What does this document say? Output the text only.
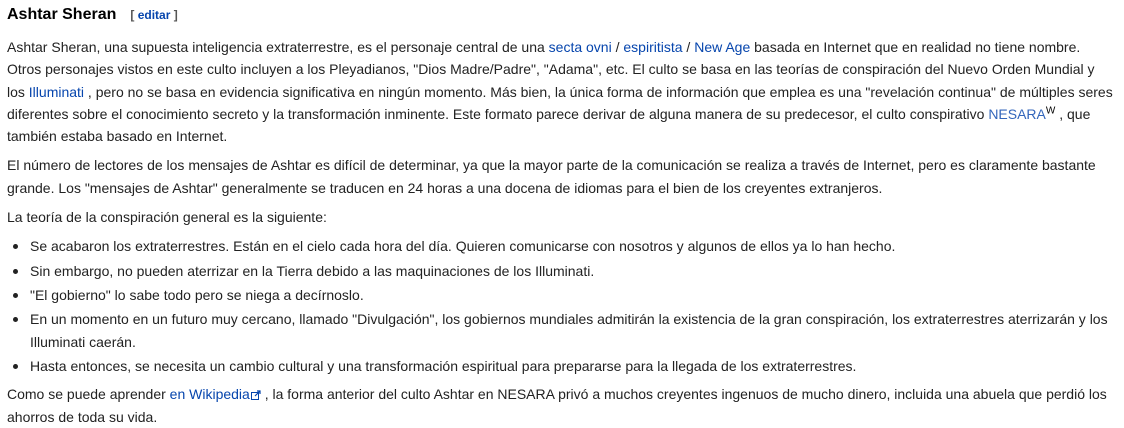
Ashtar Sheran [ editar ]

Ashtar Sheran, una supuesta inteligencia extraterrestre, es el personaje central de una secta ovni / espiritista / New Age basada en Internet que en realidad no tiene nombre. Otros personajes vistos en este culto incluyen a los Pleyadianos, "Dios Madre/Padre", "Adama", etc. El culto se basa en las teorías de conspiración del Nuevo Orden Mundial y los Illuminati , pero no se basa en evidencia significativa en ningún momento. Más bien, la única forma de información que emplea es una "revelación continua" de múltiples seres diferentes sobre el conocimiento secreto y la transformación inminente. Este formato parece derivar de alguna manera de su predecesor, el culto conspirativo $NESARA^W$ , que también estaba basado en Internet.

El número de lectores de los mensajes de Ashtar es difícil de determinar, ya que la mayor parte de la comunicación se realiza a través de Internet, pero es claramente bastante grande. Los "mensajes de Ashtar" generalmente se traducen en 24 horas a una docena de idiomas para el bien de los creyentes extranjeros.

La teoría de la conspiración general es la siguiente:

Se acabaron los extraterrestres. Están en el cielo cada hora del día. Quieren comunicarse con nosotros y algunos de ellos ya lo han hecho.
Sin embargo, no pueden aterrizar en la Tierra debido a las maquinaciones de los Illuminati.
"El gobierno" lo sabe todo pero se niega a decírnoslo.
En un momento en un futuro muy cercano, llamado "Divulgación", los gobiernos mundiales admitirán la existencia de la gran conspiración, los extraterrestres aterrizarán y los Illuminati caerán.
Hasta entonces, se necesita un cambio cultural y una transformación espiritual para prepararse para la llegada de los extraterrestres.

Como se puede aprender en Wikipedia , la forma anterior del culto Ashtar en NESARA privó a muchos creyentes ingenuos de mucho dinero, incluida una abuela que perdió los ahorros de toda su vida.
